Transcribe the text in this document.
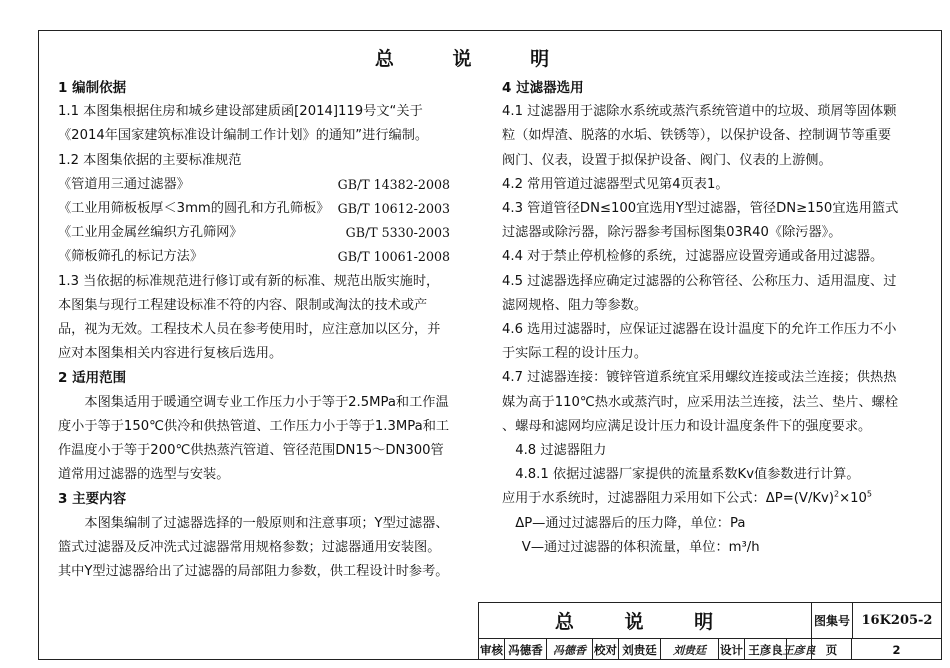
总 说 明

1 编制依据

1.1 本图集根据住房和城乡建设部建质函[2014]119号文“关于《2014年国家建筑标准设计编制工作计划》的通知”进行编制。

1.2 本图集依据的主要标准规范

《管道用三通过滤器》	GB/T 14382-2008
《工业用筛板板厚＜3mm的圆孔和方孔筛板》 GB/T 10612-2003
《工业用金属丝编织方孔筛网》	GB/T 5330-2003
《筛板筛孔的标记方法》	GB/T 10061-2008

1.3 当依据的标准规范进行修订或有新的标准、规范出版实施时，本图集与现行工程建设标准不符的内容、限制或淘汰的技术或产品，视为无效。工程技术人员在参考使用时，应注意加以区分，并应对本图集相关内容进行复核后选用。

2 适用范围

本图集适用于暖通空调专业工作压力小于等于2.5MPa和工作温度小于等于150℃供冷和供热管道、工作压力小于等于1.3MPa和工作温度小于等于200℃供热蒸汽管道、管径范围DN15～DN300管道常用过滤器的选型与安装。

3 主要内容

本图集编制了过滤器选择的一般原则和注意事项；Y型过滤器、篮式过滤器及反冲洗式过滤器常用规格参数；过滤器通用安装图。其中Y型过滤器给出了过滤器的局部阻力参数，供工程设计时参考。

4 过滤器选用

4.1 过滤器用于滤除水系统或蒸汽系统管道中的垃圾、琐屑等固体颗粒（如焊渣、脱落的水垢、铁锈等），以保护设备、控制调节等重要阀门、仪表，设置于拟保护设备、阀门、仪表的上游侧。

4.2 常用管道过滤器型式见第4页表1。

4.3 管道管径DN≤100宜选用Y型过滤器，管径DN≥150宜选用篮式过滤器或除污器，除污器参考国标图集03R40《除污器》。

4.4 对于禁止停机检修的系统，过滤器应设置旁通或备用过滤器。

4.5 过滤器选择应确定过滤器的公称管径、公称压力、适用温度、过滤网规格、阻力等参数。

4.6 选用过滤器时，应保证过滤器在设计温度下的允许工作压力不小于实际工程的设计压力。

4.7 过滤器连接：镀锌管道系统宜采用螺纹连接或法兰连接；供热热媒为高于110℃热水或蒸汽时，应采用法兰连接，法兰、垫片、螺栓 、螺母和滤网均应满足设计压力和设计温度条件下的强度要求。

4.8 过滤器阻力

4.8.1 依据过滤器厂家提供的流量系数Kv值参数进行计算。

应用于水系统时，过滤器阻力采用如下公式：$\Delta P=(V/Kv)^2\times 10^5$

ΔP—通过过滤器后的压力降，单位：Pa

V—通过过滤器的体积流量，单位：m³/h

总 说 明	图集号 16K205-2
审核 冯德香 冯德香 校对 刘贵廷	刘贵廷	设计 王彦良 王彦良 页	2
